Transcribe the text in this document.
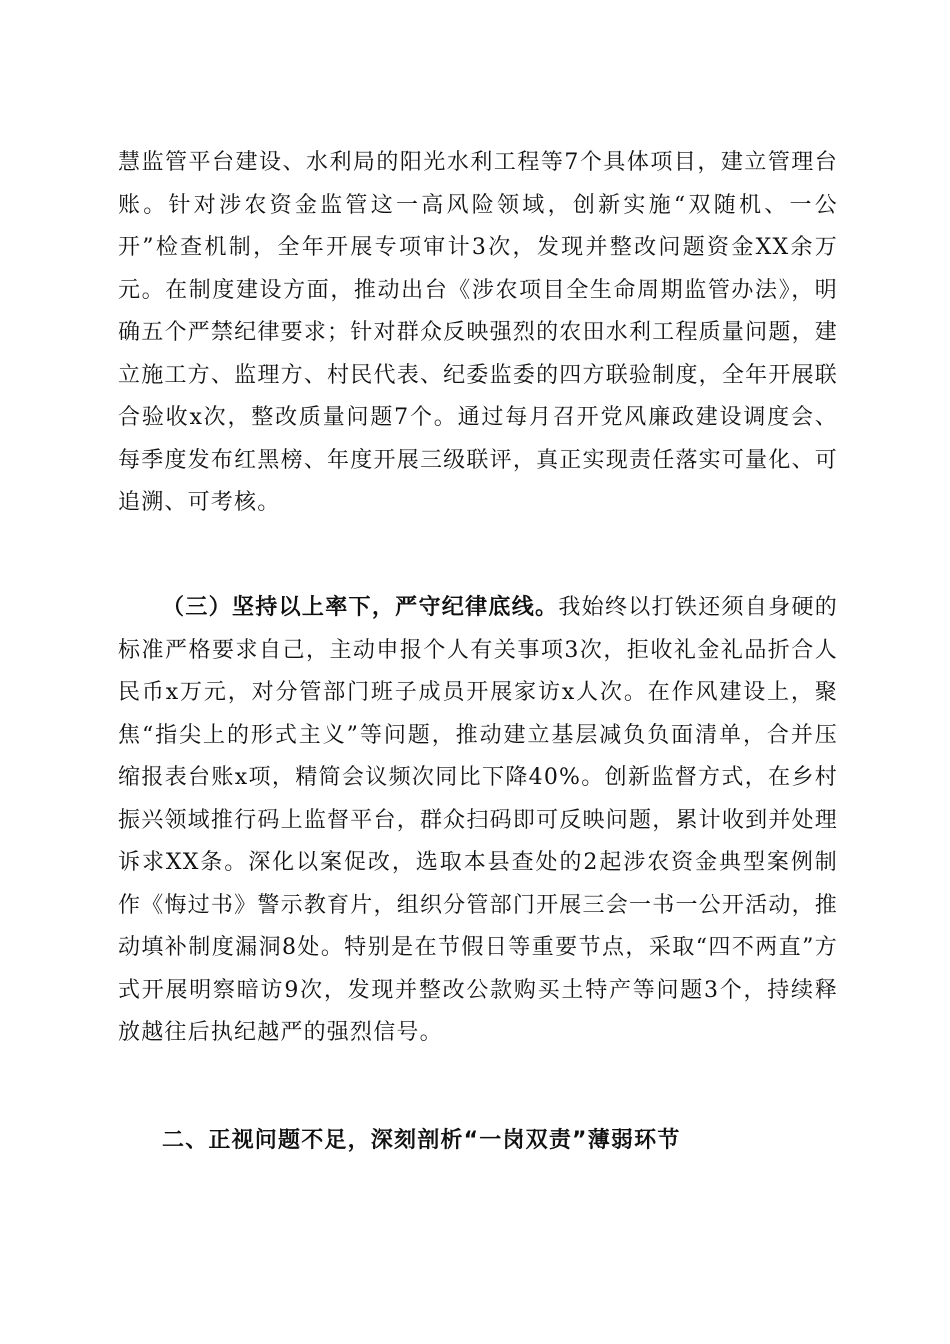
慧监管平台建设、水利局的阳光水利工程等7个具体项目，建立管理台账。针对涉农资金监管这一高风险领域，创新实施“双随机、一公开”检查机制，全年开展专项审计3次，发现并整改问题资金XX余万元。在制度建设方面，推动出台《涉农项目全生命周期监管办法》，明确五个严禁纪律要求；针对群众反映强烈的农田水利工程质量问题，建立施工方、监理方、村民代表、纪委监委的四方联验制度，全年开展联合验收x次，整改质量问题7个。通过每月召开党风廉政建设调度会、每季度发布红黑榜、年度开展三级联评，真正实现责任落实可量化、可追溯、可考核。

（三）坚持以上率下，严守纪律底线。我始终以打铁还须自身硬的标准严格要求自己，主动申报个人有关事项3次，拒收礼金礼品折合人民币x万元，对分管部门班子成员开展家访x人次。在作风建设上，聚焦“指尖上的形式主义”等问题，推动建立基层减负负面清单，合并压缩报表台账x项，精简会议频次同比下降40%。创新监督方式，在乡村振兴领域推行码上监督平台，群众扫码即可反映问题，累计收到并处理诉求XX条。深化以案促改，选取本县查处的2起涉农资金典型案例制作《悔过书》警示教育片，组织分管部门开展三会一书一公开活动，推动填补制度漏洞8处。特别是在节假日等重要节点，采取“四不两直”方式开展明察暗访9次，发现并整改公款购买土特产等问题3个，持续释放越往后执纪越严的强烈信号。

二、正视问题不足，深刻剖析“一岗双责”薄弱环节
